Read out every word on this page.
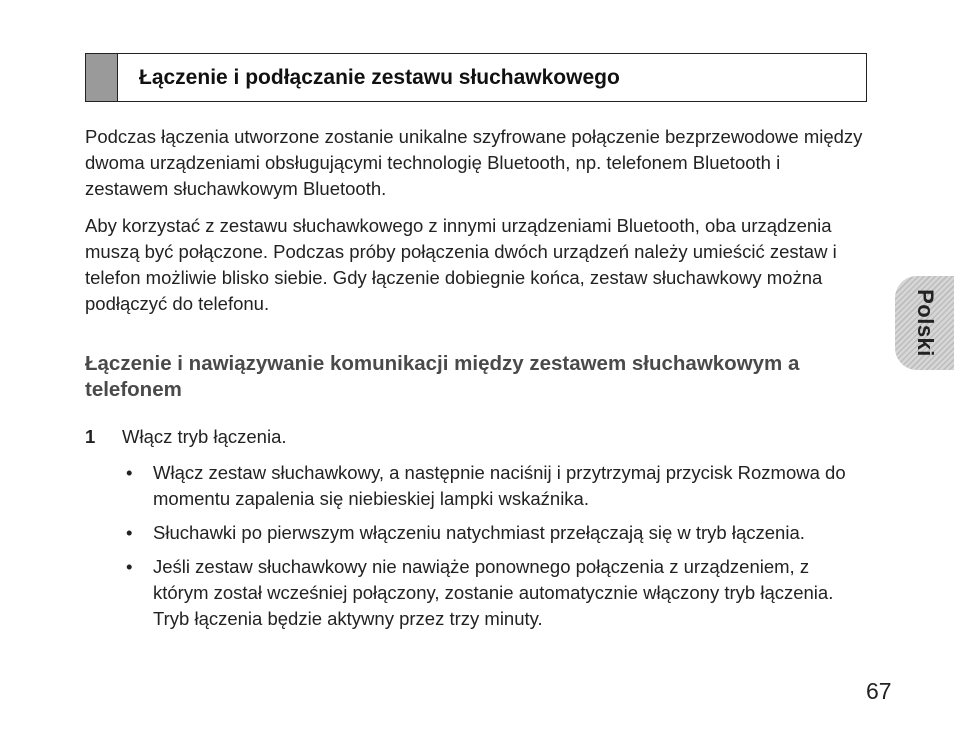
Łączenie i podłączanie zestawu słuchawkowego

Podczas łączenia utworzone zostanie unikalne szyfrowane połączenie bezprzewodowe między dwoma urządzeniami obsługującymi technologię Bluetooth, np. telefonem Bluetooth i zestawem słuchawkowym Bluetooth.

Aby korzystać z zestawu słuchawkowego z innymi urządzeniami Bluetooth, oba urządzenia muszą być połączone. Podczas próby połączenia dwóch urządzeń należy umieścić zestaw i telefon możliwie blisko siebie. Gdy łączenie dobiegnie końca, zestaw słuchawkowy można podłączyć do telefonu.

Łączenie i nawiązywanie komunikacji między zestawem słuchawkowym a telefonem
1	Włącz tryb łączenia.
•	Włącz zestaw słuchawkowy, a następnie naciśnij i przytrzymaj przycisk Rozmowa do momentu zapalenia się niebieskiej lampki wskaźnika.
•	Słuchawki po pierwszym włączeniu natychmiast przełączają się w tryb łączenia.
•	Jeśli zestaw słuchawkowy nie nawiąże ponownego połączenia z urządzeniem, z którym został wcześniej połączony, zostanie automatycznie włączony tryb łączenia. Tryb łączenia będzie aktywny przez trzy minuty.
Polski
67
